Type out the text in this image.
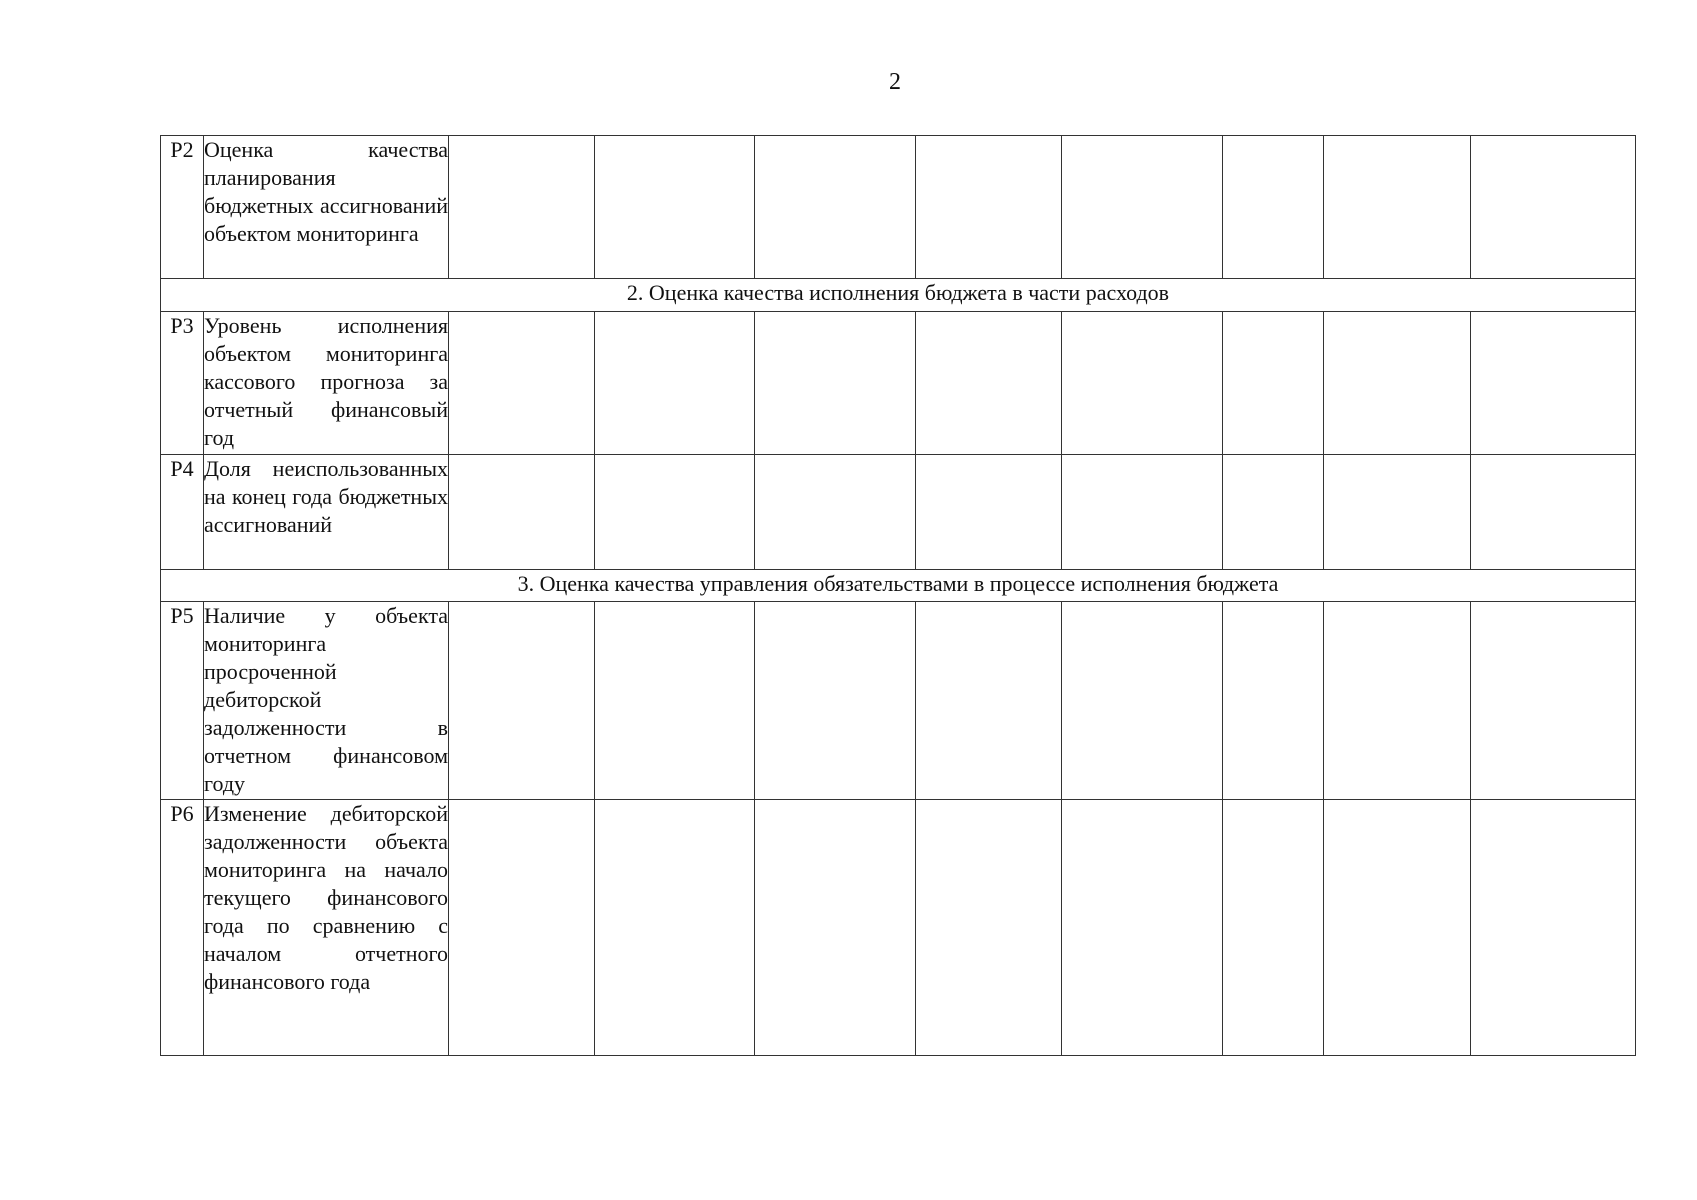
2
Р2	Оценка качества планирования бюджетных ассигнований объектом мониторинга								

2. Оценка качества исполнения бюджета в части расходов									
Р3	Уровень исполнения объектом мониторинга кассового прогноза за отчетный финансовый год								

Р4	Доля неиспользованных на конец года бюджетных ассигнований								

3. Оценка качества управления обязательствами в процессе исполнения бюджета									
Р5	Наличие у объекта мониторинга просроченной дебиторской задолженности в отчетном финансовом году								

Р6	Изменение дебиторской задолженности объекта мониторинга на начало текущего финансового года по сравнению с началом отчетного финансового года								
